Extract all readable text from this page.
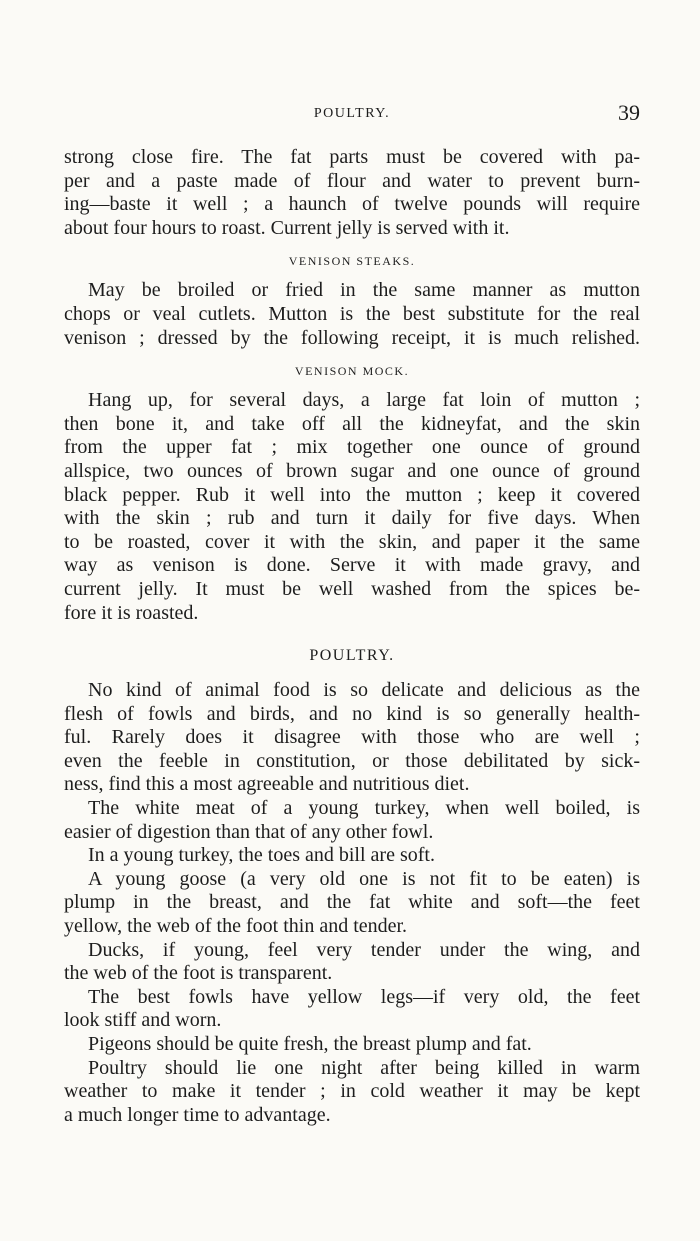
POULTRY.	39

strong close fire. The fat parts must be covered with pa-
per and a paste made of flour and water to prevent burn-
ing—baste it well ; a haunch of twelve pounds will require
about four hours to roast. Current jelly is served with it.

VENISON STEAKS.

May be broiled or fried in the same manner as mutton
chops or veal cutlets. Mutton is the best substitute for the real
venison ; dressed by the following receipt, it is much relished.

VENISON MOCK.

Hang up, for several days, a large fat loin of mutton ;
then bone it, and take off all the kidneyfat, and the skin
from the upper fat ; mix together one ounce of ground
allspice, two ounces of brown sugar and one ounce of ground
black pepper. Rub it well into the mutton ; keep it covered
with the skin ; rub and turn it daily for five days. When
to be roasted, cover it with the skin, and paper it the same
way as venison is done. Serve it with made gravy, and
current jelly. It must be well washed from the spices be-
fore it is roasted.

POULTRY.

No kind of animal food is so delicate and delicious as the
flesh of fowls and birds, and no kind is so generally health-
ful. Rarely does it disagree with those who are well ;
even the feeble in constitution, or those debilitated by sick-
ness, find this a most agreeable and nutritious diet.

The white meat of a young turkey, when well boiled, is
easier of digestion than that of any other fowl.

In a young turkey, the toes and bill are soft.

A young goose (a very old one is not fit to be eaten) is
plump in the breast, and the fat white and soft—the feet
yellow, the web of the foot thin and tender.

Ducks, if young, feel very tender under the wing, and
the web of the foot is transparent.

The best fowls have yellow legs—if very old, the feet
look stiff and worn.

Pigeons should be quite fresh, the breast plump and fat.

Poultry should lie one night after being killed in warm
weather to make it tender ; in cold weather it may be kept
a much longer time to advantage.
